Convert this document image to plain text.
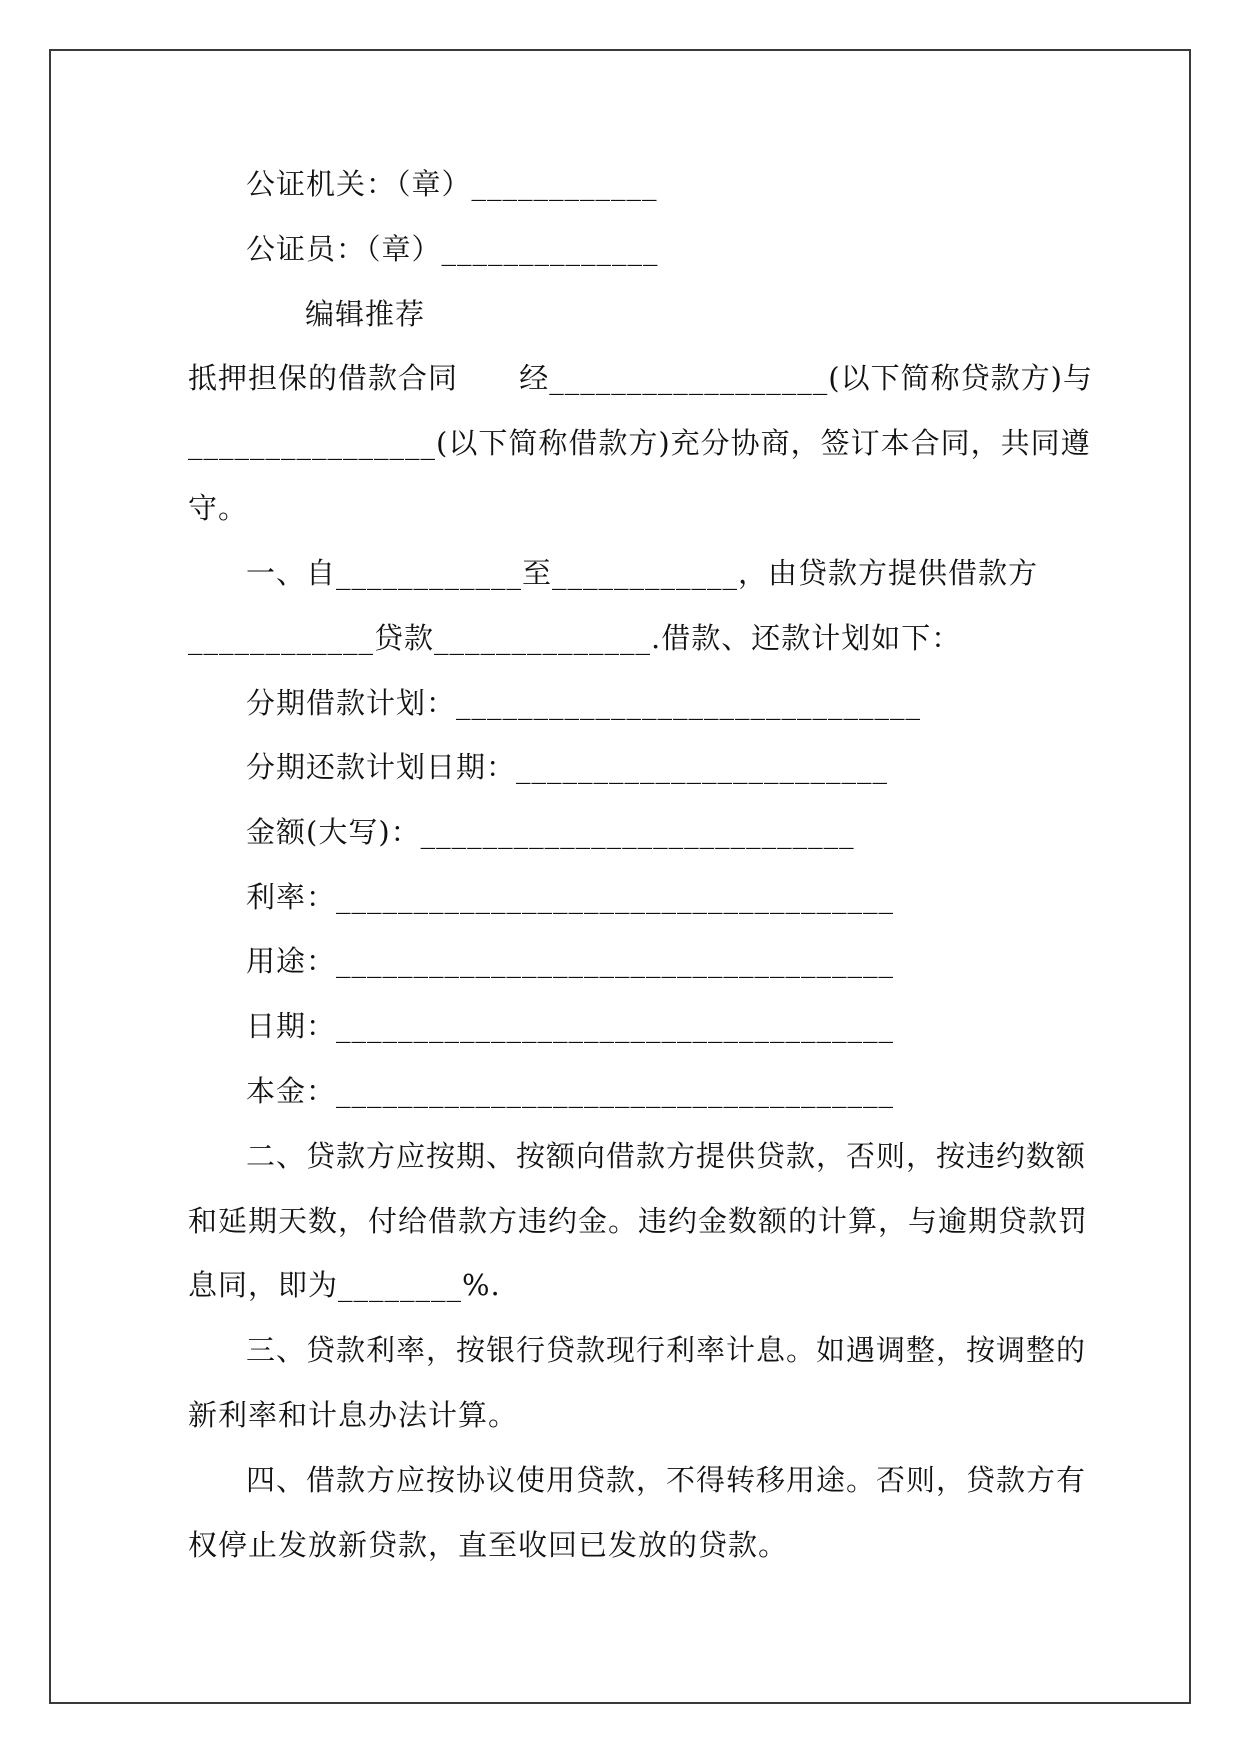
公证机关：（章）____________
公证员：（章）______________
编辑推荐
抵押担保的借款合同      经__________________(以下简称贷款方)与
________________(以下简称借款方)充分协商，签订本合同，共同遵
守。
一、自____________至____________，由贷款方提供借款方
____________贷款______________.借款、还款计划如下：
分期借款计划：______________________________
分期还款计划日期：________________________
金额(大写)：____________________________
利率：____________________________________
用途：____________________________________
日期：____________________________________
本金：____________________________________
二、贷款方应按期、按额向借款方提供贷款，否则，按违约数额
和延期天数，付给借款方违约金。违约金数额的计算，与逾期贷款罚
息同，即为________%.
三、贷款利率，按银行贷款现行利率计息。如遇调整，按调整的
新利率和计息办法计算。
四、借款方应按协议使用贷款，不得转移用途。否则，贷款方有
权停止发放新贷款，直至收回已发放的贷款。
